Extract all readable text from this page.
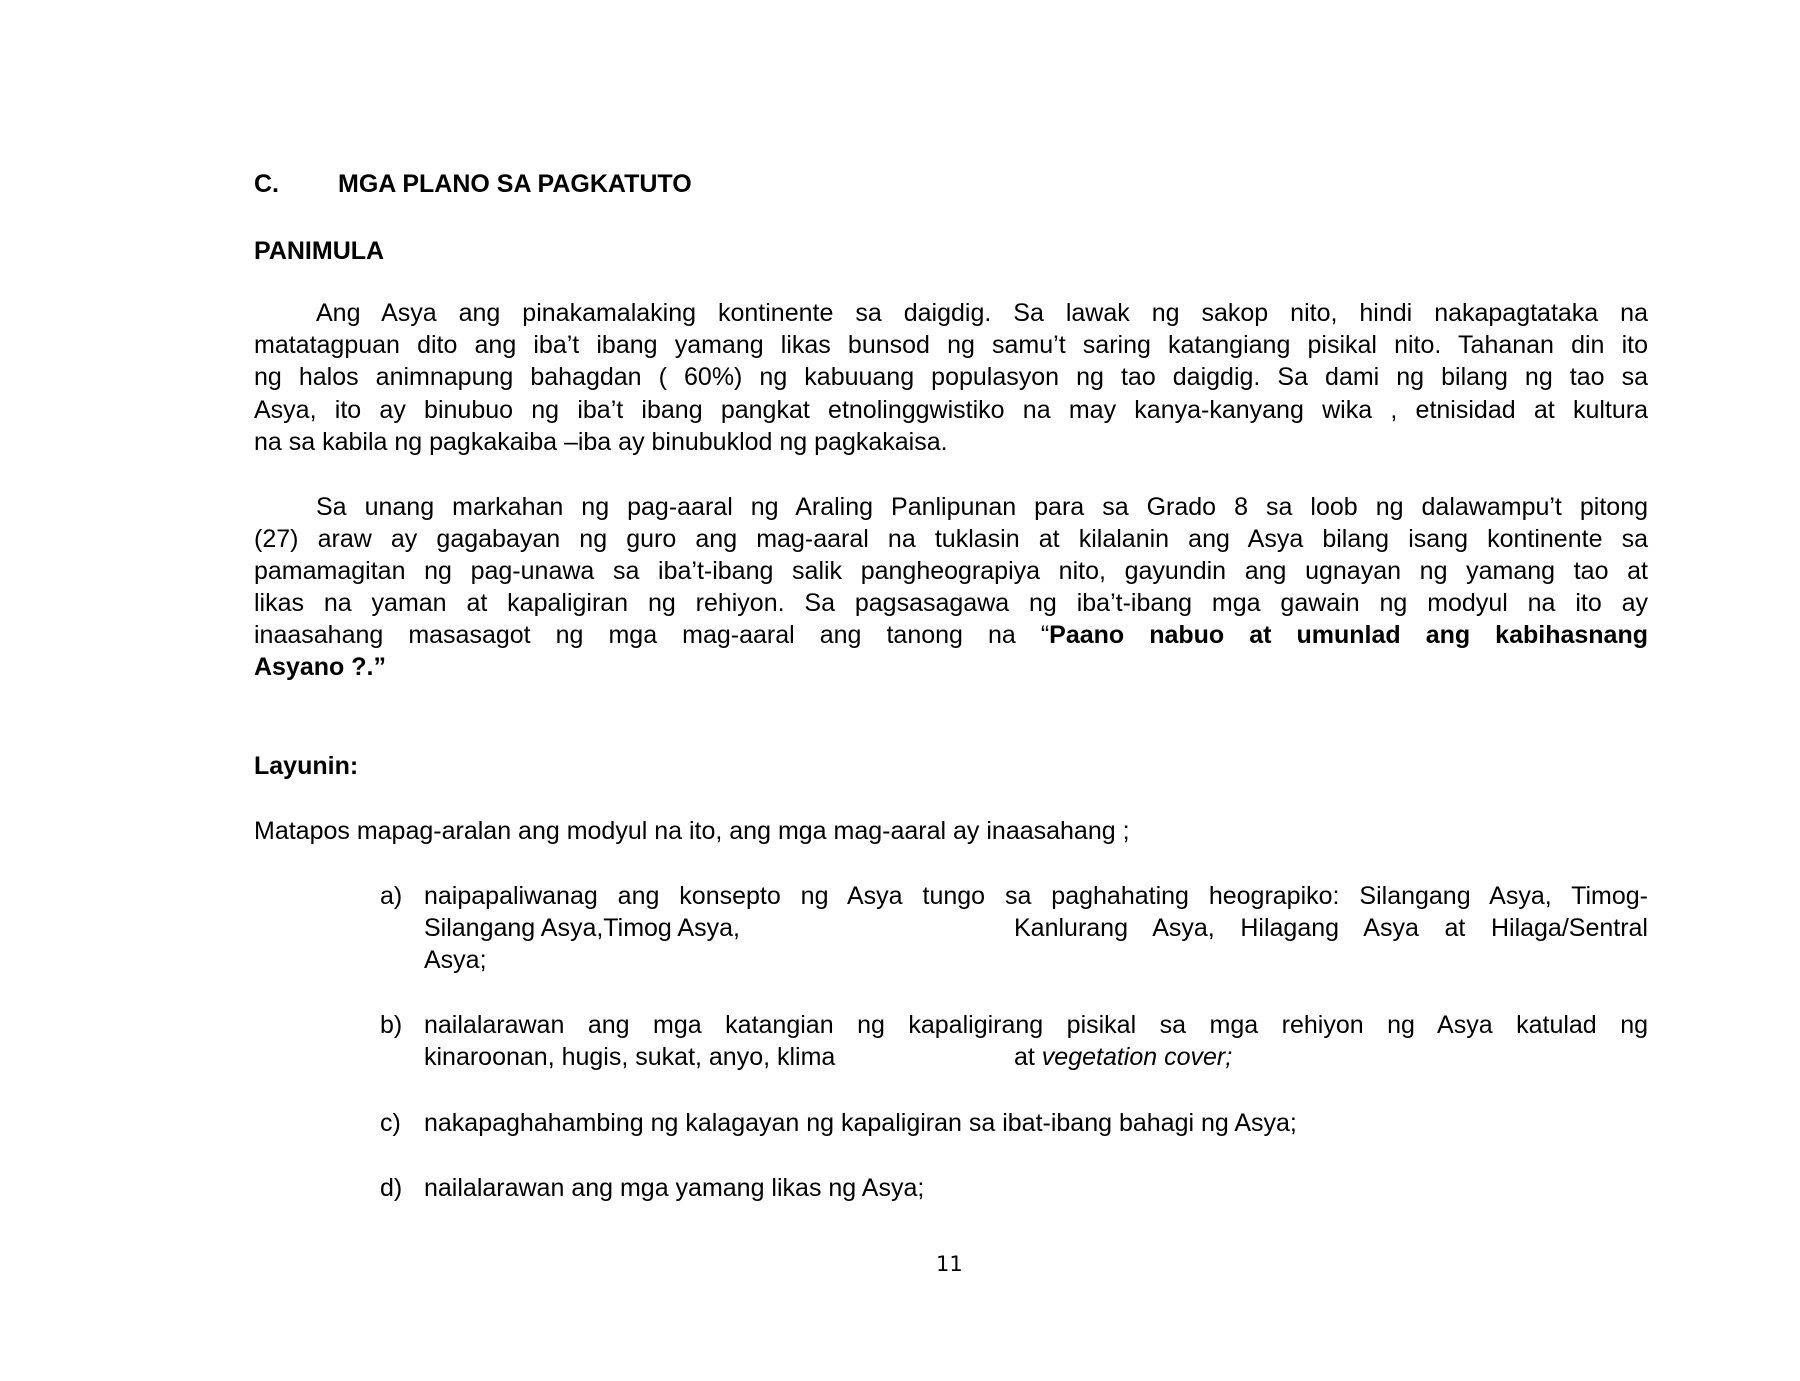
C. MGA PLANO SA PAGKATUTO
PANIMULA
Ang Asya ang pinakamalaking kontinente sa daigdig. Sa lawak ng sakop nito, hindi nakapagtataka na
matatagpuan dito ang iba’t ibang yamang likas bunsod ng samu’t saring katangiang pisikal nito. Tahanan din ito
ng halos animnapung bahagdan ( 60%) ng kabuuang populasyon ng tao daigdig. Sa dami ng bilang ng tao sa
Asya, ito ay binubuo ng iba’t ibang pangkat etnolinggwistiko na may kanya-kanyang wika , etnisidad at kultura
na sa kabila ng pagkakaiba –iba ay binubuklod ng pagkakaisa.
Sa unang markahan ng pag-aaral ng Araling Panlipunan para sa Grado 8 sa loob ng dalawampu’t pitong
(27) araw ay gagabayan ng guro ang mag-aaral na tuklasin at kilalanin ang Asya bilang isang kontinente sa
pamamagitan ng pag-unawa sa iba’t-ibang salik pangheograpiya nito, gayundin ang ugnayan ng yamang tao at
likas na yaman at kapaligiran ng rehiyon. Sa pagsasagawa ng iba’t-ibang mga gawain ng modyul na ito ay
inaasahang masasagot ng mga mag-aaral ang tanong na “Paano nabuo at umunlad ang kabihasnang
Asyano ?.”
Layunin:
Matapos mapag-aralan ang modyul na ito, ang mga mag-aaral ay inaasahang ;
a) naipapaliwanag ang konsepto ng Asya tungo sa paghahating heograpiko: Silangang Asya, Timog-
Silangang Asya,Timog Asya,	Kanlurang Asya, Hilagang Asya at Hilaga/Sentral
Asya;
b) nailalarawan ang mga katangian ng kapaligirang pisikal sa mga rehiyon ng Asya katulad ng
kinaroonan, hugis, sukat, anyo, klima	at vegetation cover;
c) nakapaghahambing ng kalagayan ng kapaligiran sa ibat-ibang bahagi ng Asya;
d) nailalarawan ang mga yamang likas ng Asya;
11
